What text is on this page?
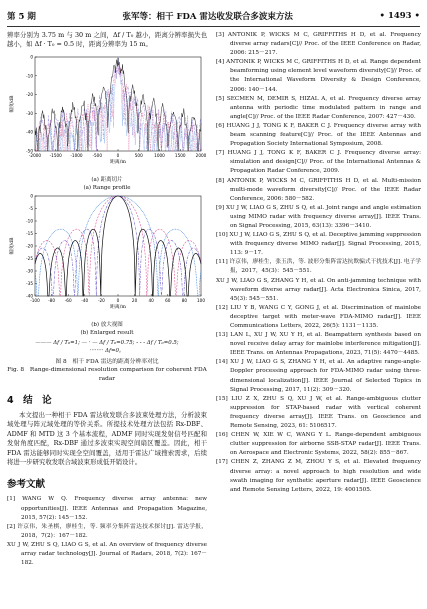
第 5 期	张军等：相干 FDA 雷达收发联合多波束方法	• 1493 •

辨率分别为 3.75 m 与 30 m 之间，Δf / T₀ 越小，距离分辨率损失也越小，如 Δf · T₀ = 0.5 时，距离分辨率为 15 m。

-2000 -1500 -1000 -500	0	500	1000 1500 2000
0
-10
-20
-30
-40
-50
幅度/dB
距离/m

(a) 距离切片
(a) Range profile

-100 -80 -60 -40 -20	0	20	40	60	80 100
0
-5
-10
-15
-20
-25
-30
-35
-40
幅度/dB
距离/m

(b) 放大视图
(b) Enlarged result

——— Δf / T₀=1; — · — Δf / T₀=0.75; - - - Δf / T₀=0.5;
········ Δf=0。

图 8　相干 FDA 雷达的距离分辨率对比
Fig. 8　Range-dimensional resolution comparison for coherent FDA radar

4　结　论

本文提出一种相干 FDA 雷达收发联合多波束处理方法，分析波束域处理与阵元域处理的等价关系。所提技术处理方法包括 Rx-DBF、ADMF 和 MTD 这 3 个基本流程，ADMF 同时实现发射信号匹配和发射角度匹配，Rx-DBF 通过多波束实现空间扇区覆盖。因此，相干 FDA 雷达能够同时实现全空间覆盖，适用于雷达广域搜索需求，后续将进一步研究收发联合域波束形成低开销设计。

参考文献

[1] WANG W Q. Frequency diverse array antenna: new opportunities[J]. IEEE Antennas and Propagation Magazine, 2015, 57(2): 145－152.

[2] 许京伟，朱圣棋，廖桂生，等. 频率分集阵雷达技术探讨[J]. 雷达学报，2018，7(2)：167－182.

XU J W, ZHU S Q, LIAO G S, et al. An overview of frequency diverse array radar technology[J]. Journal of Radars, 2018, 7(2): 167－182.

[3] ANTONIK P, WICKS M C, GRIFFITHS H D, et al. Frequency diverse array radars[C]// Proc. of the IEEE Conference on Radar, 2006: 215－217.

[4] ANTONIK P, WICKS M C, GRIFFITHS H D, et al. Range dependent beamforming using element level waveform diversity[C]// Proc. of the International Waveform Diversity & Design Conference, 2006: 140－144.

[5] SECMEN M, DEMIR S, HIZAL A, et al. Frequency diverse array antenna with periodic time modulated pattern in range and angle[C]// Proc. of the IEEE Radar Conference, 2007: 427－430.

[6] HUANG J J, TONG K F, BAKER C J. Frequency diverse array with beam scanning feature[C]// Proc. of the IEEE Antennas and Propagation Society International Symposium, 2008.

[7] HUANG J J, TONG K F, BAKER C J. Frequency diverse array: simulation and design[C]// Proc. of the International Antennas & Propagation Radar Conference, 2009.

[8] ANTONIK P, WICKS M C, GRIFFITHS H D, et al. Multi-mission multi-mode waveform diversity[C]// Proc. of the IEEE Radar Conference, 2006: 580－582.

[9] XU J W, LIAO G S, ZHU S Q, et al. Joint range and angle estimation using MIMO radar with frequency diverse array[J]. IEEE Trans. on Signal Processing, 2015, 63(13): 3396－3410.

[10] XU J W, LIAO G S, ZHU S Q, et al. Deceptive jamming suppression with frequency diverse MIMO radar[J]. Signal Processing, 2015, 113: 9－17.

[11] 许京伟，廖桂生，张玉洪，等. 波形分集阵雷达抗欺骗式干扰技术[J]. 电子学报，2017，45(3)：545－551.

XU J W, LIAO G S, ZHANG Y H, et al. On anti-jamming technique with waveform diverse array radar[J]. Acta Electronica Sinica, 2017, 45(3): 545－551.

[12] LIU Y B, WANG C Y, GONG J, et al. Discrimination of mainlobe deceptive target with meter-wave FDA-MIMO radar[J]. IEEE Communications Letters, 2022, 26(5): 1131－1135.

[13] LAN L, XU J W, XU Y H, et al. Beampattern synthesis based on novel receive delay array for mainlobe interference mitigation[J]. IEEE Trans. on Antennas Propagations, 2023, 71(5): 4470－4485.

[14] XU J W, LIAO G S, ZHANG Y H, et al. An adaptive range-angle-Doppler processing approach for FDA-MIMO radar using three-dimensional localization[J]. IEEE Journal of Selected Topics in Signal Processing, 2017, 11(2): 309－320.

[15] LIU Z X, ZHU S Q, XU J W, et al. Range-ambiguous clutter suppression for STAP-based radar with vertical coherent frequency diverse array[J]. IEEE Trans. on Geoscience and Remote Sensing, 2023, 61: 5106517.

[16] CHEN W, XIE W C, WANG Y L. Range-dependent ambiguous clutter suppression for airborne SSB-STAP radar[J]. IEEE Trans. on Aerospace and Electronic Systems, 2022, 58(2): 855－867.

[17] CHEN Z, ZHANG Z M, ZHOU Y S, et al. Elevated frequency diverse array: a novel approach to high resolution and wide swath imaging for synthetic aperture radar[J]. IEEE Geoscience and Remote Sensing Letters, 2022, 19: 4001505.
